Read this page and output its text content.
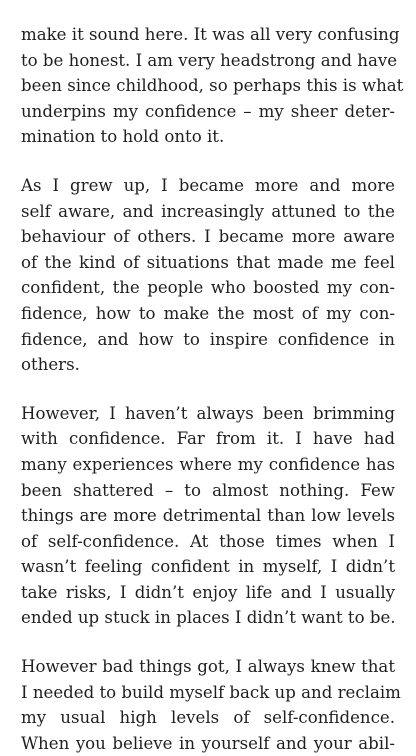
make it sound here. It was all very confusing
to be honest. I am very headstrong and have
been since childhood, so perhaps this is what
underpins my confidence – my sheer deter-
mination to hold onto it.
As I grew up, I became more and more
self aware, and increasingly attuned to the
behaviour of others. I became more aware
of the kind of situations that made me feel
confident, the people who boosted my con-
fidence, how to make the most of my con-
fidence, and how to inspire confidence in
others.
However, I haven’t always been brimming
with confidence. Far from it. I have had
many experiences where my confidence has
been shattered – to almost nothing. Few
things are more detrimental than low levels
of self-confidence. At those times when I
wasn’t feeling confident in myself, I didn’t
take risks, I didn’t enjoy life and I usually
ended up stuck in places I didn’t want to be.
However bad things got, I always knew that
I needed to build myself back up and reclaim
my usual high levels of self-confidence.
When you believe in yourself and your abil-
